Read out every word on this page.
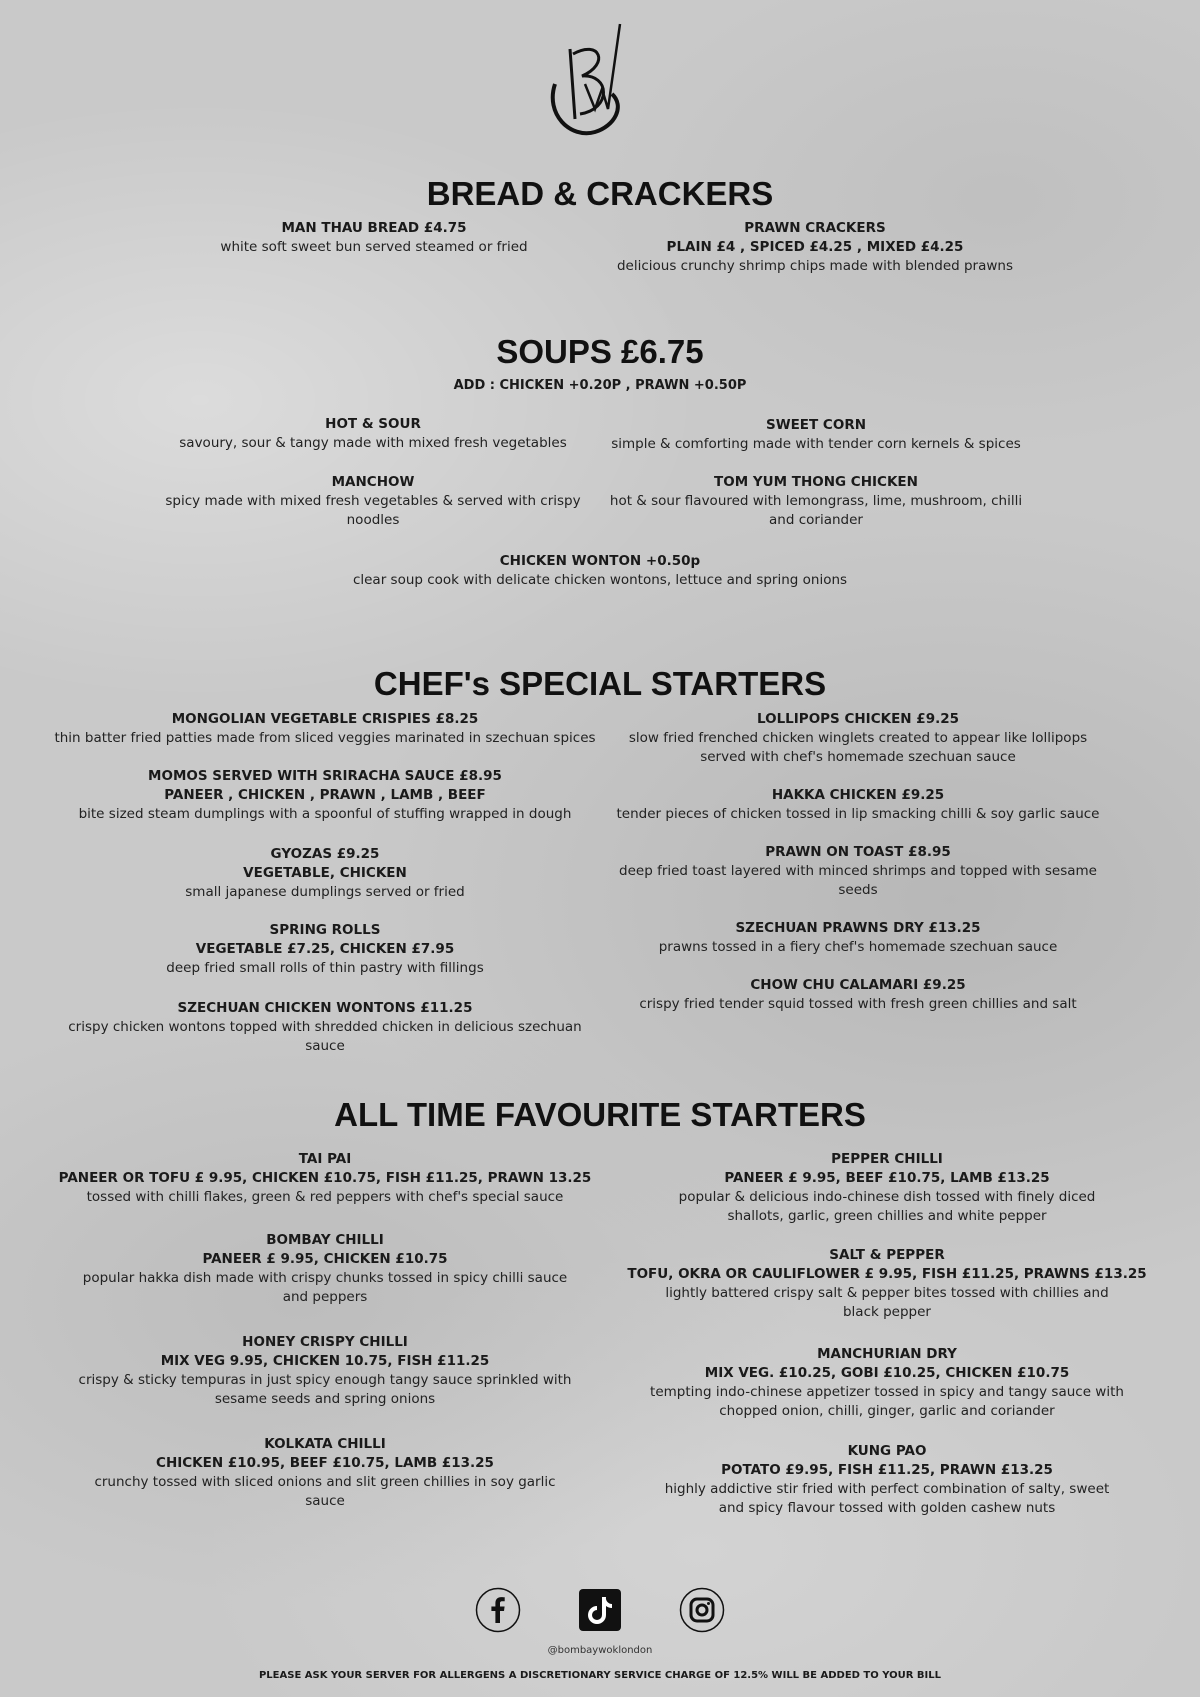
BREAD & CRACKERS
SOUPS £6.75
ADD : CHICKEN +0.20P , PRAWN +0.50P
CHEF's SPECIAL STARTERS
ALL TIME FAVOURITE STARTERS
MAN THAU BREAD £4.75
white soft sweet bun served steamed or fried
PRAWN CRACKERS
PLAIN £4 , SPICED £4.25 , MIXED £4.25
delicious crunchy shrimp chips made with blended prawns
HOT & SOUR
savoury, sour & tangy made with mixed fresh vegetables
SWEET CORN
simple & comforting made with tender corn kernels & spices
MANCHOW
spicy made with mixed fresh vegetables & served with crispy
noodles
TOM YUM THONG CHICKEN
hot & sour flavoured with lemongrass, lime, mushroom, chilli
and coriander
CHICKEN WONTON +0.50p
clear soup cook with delicate chicken wontons, lettuce and spring onions
MONGOLIAN VEGETABLE CRISPIES £8.25
thin batter fried patties made from sliced veggies marinated in szechuan spices
MOMOS SERVED WITH SRIRACHA SAUCE £8.95
PANEER , CHICKEN , PRAWN , LAMB , BEEF
bite sized steam dumplings with a spoonful of stuffing wrapped in dough
GYOZAS £9.25
VEGETABLE, CHICKEN
small japanese dumplings served or fried
SPRING ROLLS
VEGETABLE £7.25, CHICKEN £7.95
deep fried small rolls of thin pastry with fillings
SZECHUAN CHICKEN WONTONS £11.25
crispy chicken wontons topped with shredded chicken in delicious szechuan
sauce
LOLLIPOPS CHICKEN £9.25
slow fried frenched chicken winglets created to appear like lollipops
served with chef's homemade szechuan sauce
HAKKA CHICKEN £9.25
tender pieces of chicken tossed in lip smacking chilli & soy garlic sauce
PRAWN ON TOAST £8.95
deep fried toast layered with minced shrimps and topped with sesame
seeds
SZECHUAN PRAWNS DRY £13.25
prawns tossed in a fiery chef's homemade szechuan sauce
CHOW CHU CALAMARI £9.25
crispy fried tender squid tossed with fresh green chillies and salt
TAI PAI
PANEER OR TOFU £ 9.95, CHICKEN £10.75, FISH £11.25, PRAWN 13.25
tossed with chilli flakes, green & red peppers with chef's special sauce
BOMBAY CHILLI
PANEER £ 9.95, CHICKEN £10.75
popular hakka dish made with crispy chunks tossed in spicy chilli sauce
and peppers
HONEY CRISPY CHILLI
MIX VEG 9.95, CHICKEN 10.75, FISH £11.25
crispy & sticky tempuras in just spicy enough tangy sauce sprinkled with
sesame seeds and spring onions
KOLKATA CHILLI
CHICKEN £10.95, BEEF £10.75, LAMB £13.25
crunchy tossed with sliced onions and slit green chillies in soy garlic
sauce
PEPPER CHILLI
PANEER £ 9.95, BEEF £10.75, LAMB £13.25
popular & delicious indo-chinese dish tossed with finely diced
shallots, garlic, green chillies and white pepper
SALT & PEPPER
TOFU, OKRA OR CAULIFLOWER £ 9.95, FISH £11.25, PRAWNS £13.25
lightly battered crispy salt & pepper bites tossed with chillies and
black pepper
MANCHURIAN DRY
MIX VEG. £10.25, GOBI £10.25, CHICKEN £10.75
tempting indo-chinese appetizer tossed in spicy and tangy sauce with
chopped onion, chilli, ginger, garlic and coriander
KUNG PAO
POTATO £9.95, FISH £11.25, PRAWN £13.25
highly addictive stir fried with perfect combination of salty, sweet
and spicy flavour tossed with golden cashew nuts
@bombaywoklondon
PLEASE ASK YOUR SERVER FOR ALLERGENS A DISCRETIONARY SERVICE CHARGE OF 12.5% WILL BE ADDED TO YOUR BILL
